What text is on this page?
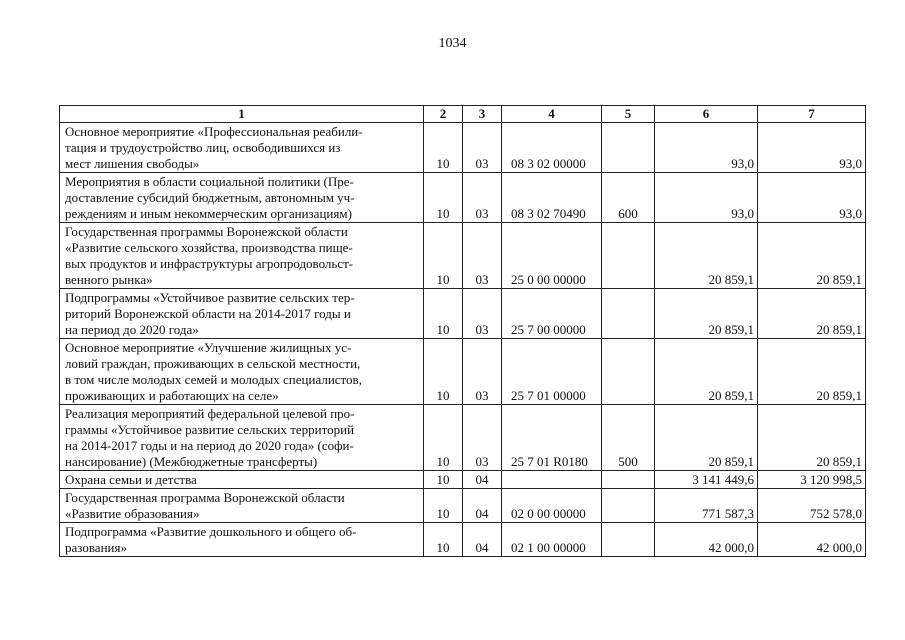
1034
1	2	3	4	5	6	7

Основное мероприятие «Профессиональная реабили-
тация и трудоустройство лиц, освободившихся из
мест лишения свободы»	10	03	08 3 02 00000		93,0	93,0

Мероприятия в области социальной политики (Пре-
доставление субсидий бюджетным, автономным уч-
реждениям и иным некоммерческим организациям)	10	03	08 3 02 70490	600	93,0	93,0

Государственная программы Воронежской области
«Развитие сельского хозяйства, производства пище-
вых продуктов и инфраструктуры агропродовольст-
венного рынка»	10	03	25 0 00 00000		20 859,1	20 859,1

Подпрограммы «Устойчивое развитие сельских тер-
риторий Воронежской области на 2014-2017 годы и
на период до 2020 года»	10	03	25 7 00 00000		20 859,1	20 859,1

Основное мероприятие «Улучшение жилищных ус-
ловий граждан, проживающих в сельской местности,
в том числе молодых семей и молодых специалистов,
проживающих и работающих на селе»	10	03	25 7 01 00000		20 859,1	20 859,1

Реализация мероприятий федеральной целевой про-
граммы «Устойчивое развитие сельских территорий
на 2014-2017 годы и на период до 2020 года» (софи-
нансирование) (Межбюджетные трансферты)	10	03	25 7 01 R0180	500	20 859,1	20 859,1

Охрана семьи и детства	10	04			3 141 449,6	3 120 998,5

Государственная программа Воронежской области
«Развитие образования»	10	04	02 0 00 00000		771 587,3	752 578,0

Подпрограмма «Развитие дошкольного и общего об-
разования»	10	04	02 1 00 00000		42 000,0	42 000,0
